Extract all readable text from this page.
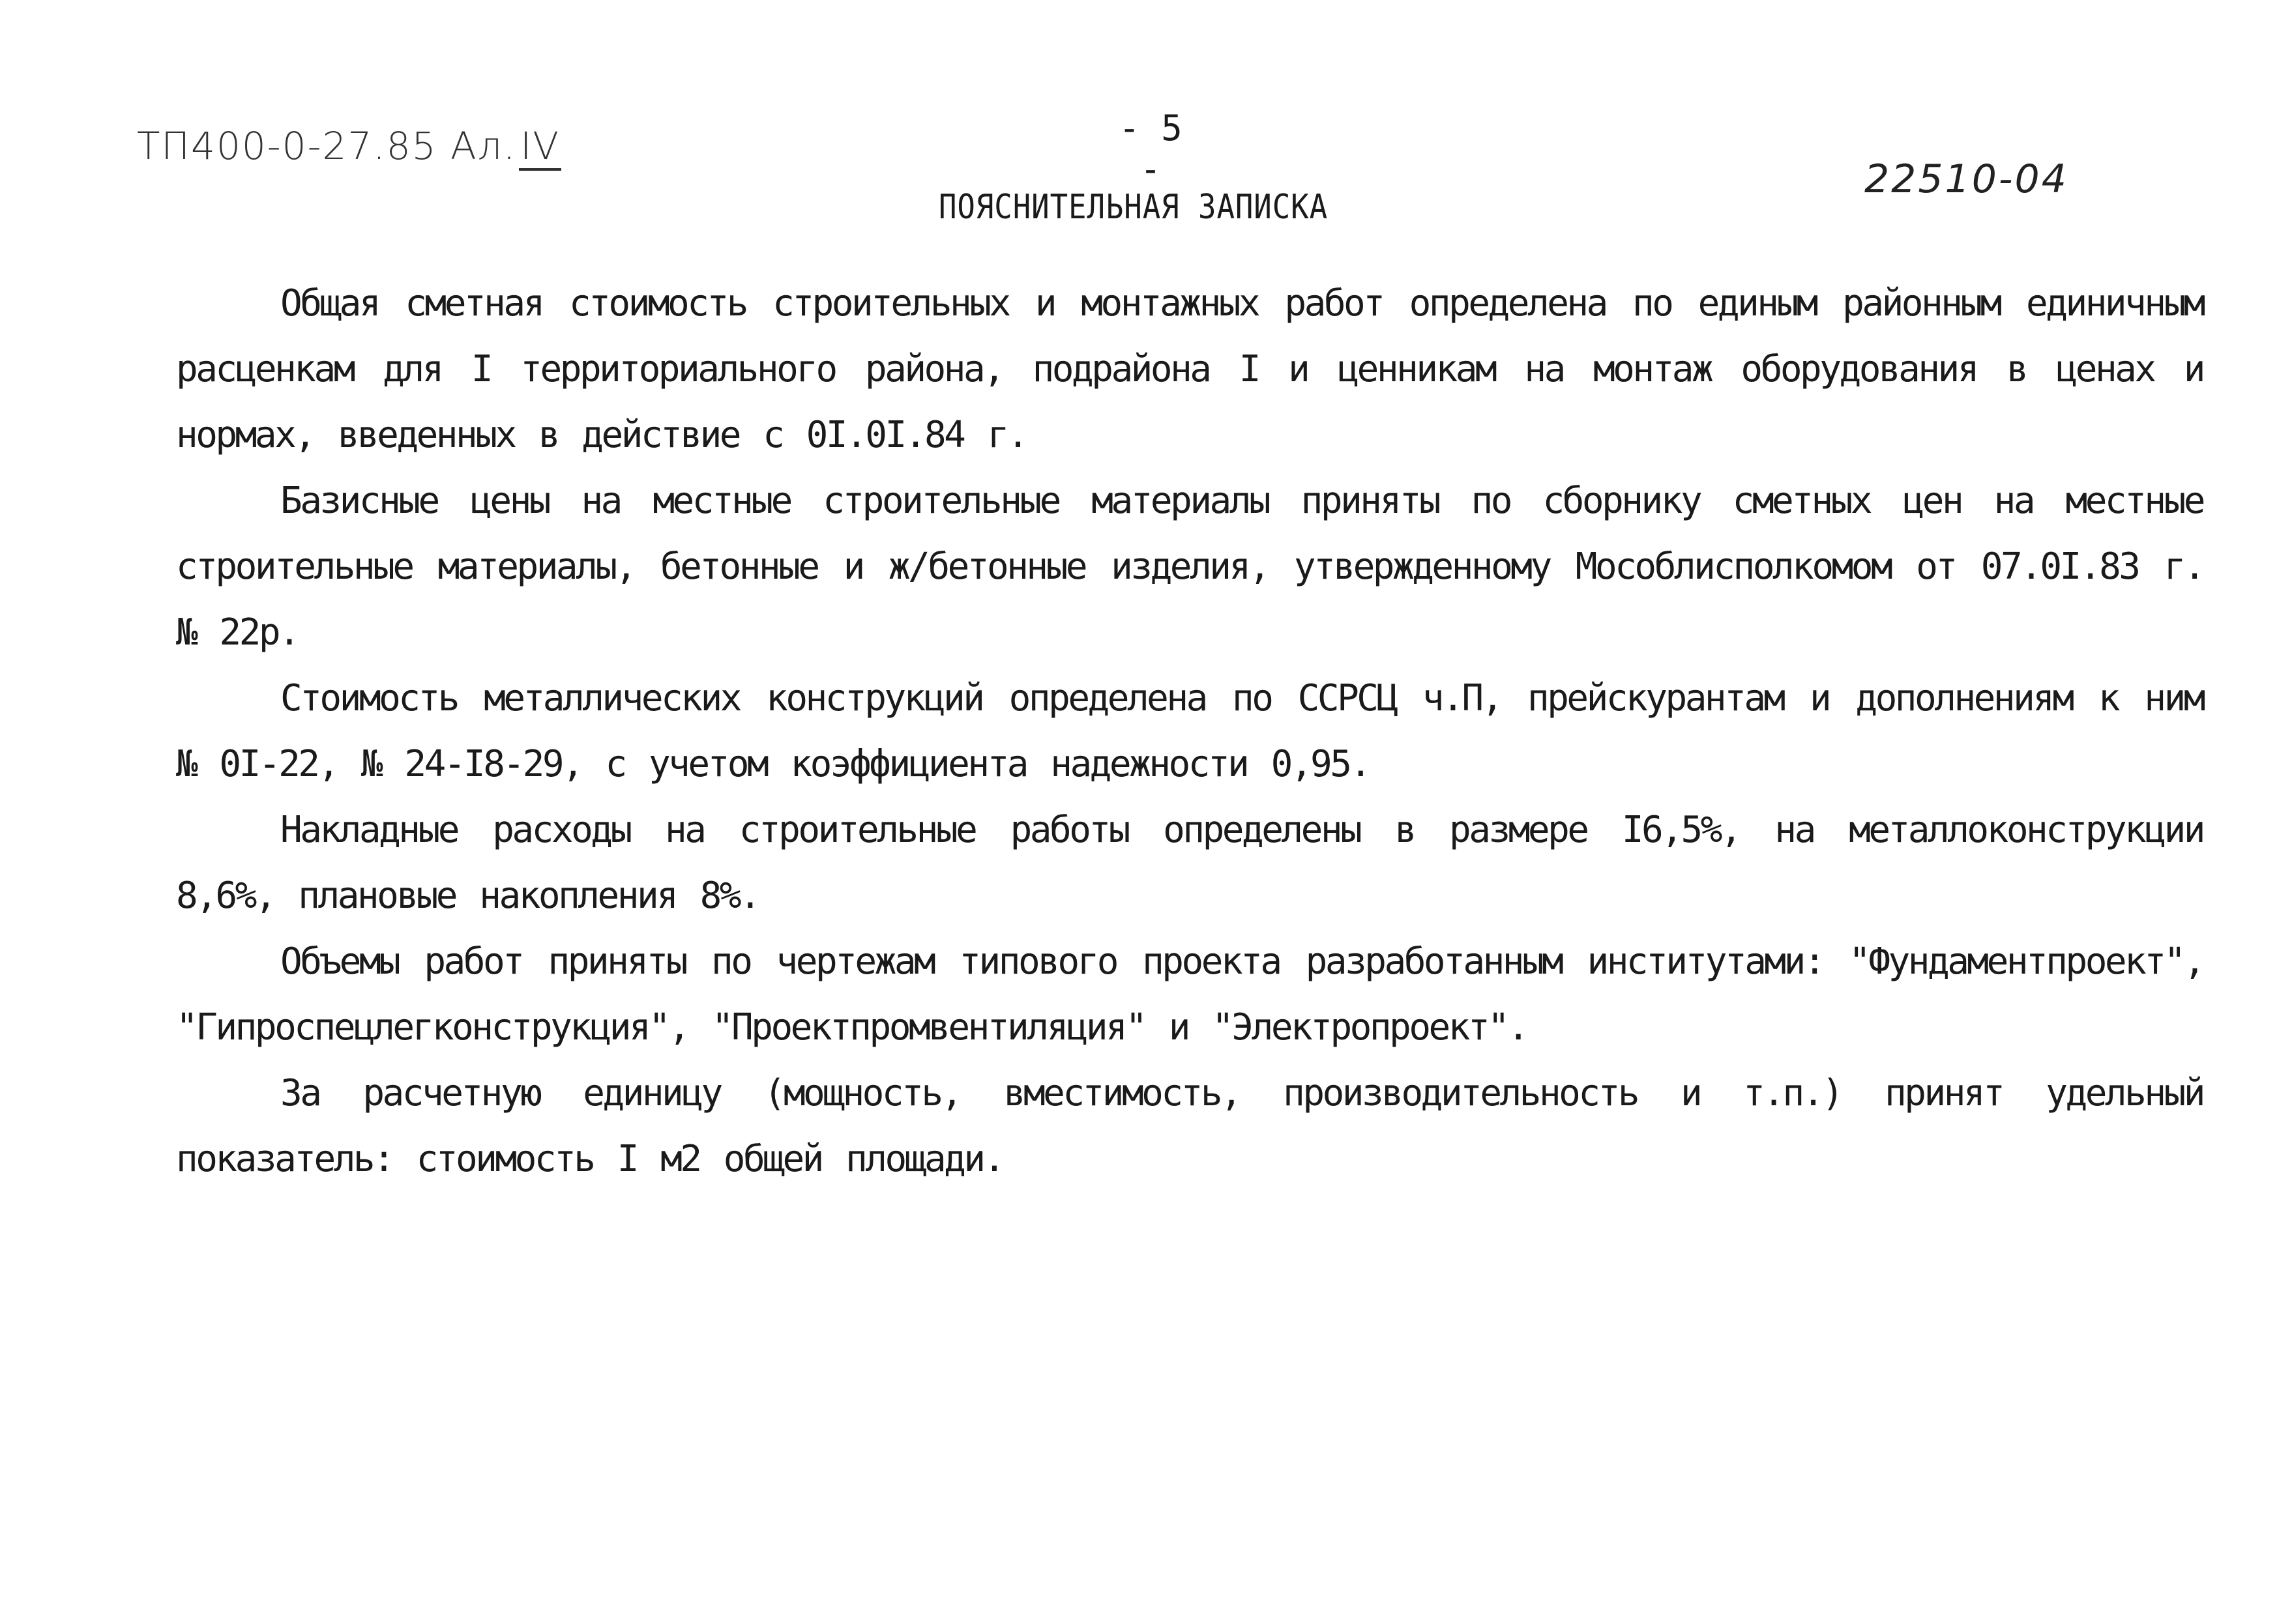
ТП400-0-27.85 Ал. IV	- 5 -	22510-04
ПОЯСНИТЕЛЬНАЯ ЗАПИСКА

Общая сметная стоимость строительных и монтажных работ определена по единым районным единичным расценкам для I территориального района, подрайона I и ценникам на монтаж оборудования в ценах и нормах, введенных в действие с 0I.0I.84 г.

Базисные цены на местные строительные материалы приняты по сборнику сметных цен на местные строительные материалы, бетонные и ж/бетонные изделия, утвержденному Мособлисполкомом от 07.0I.83 г. № 22р.

Стоимость металлических конструкций определена по ССРСЦ ч.П, прейскурантам и дополнениям к ним № 0I-22, № 24-I8-29, с учетом коэффициента надежности 0,95.

Накладные расходы на строительные работы определены в размере I6,5%, на металлоконструкции 8,6%, плановые накопления 8%.

Объемы работ приняты по чертежам типового проекта разработанным институтами: "Фундаментпроект", "Гипроспецлегконструкция", "Проектпромвентиляция" и "Электропроект".

За расчетную единицу (мощность, вместимость, производительность и т.п.) принят удельный показатель: стоимость I м2 общей площади.
